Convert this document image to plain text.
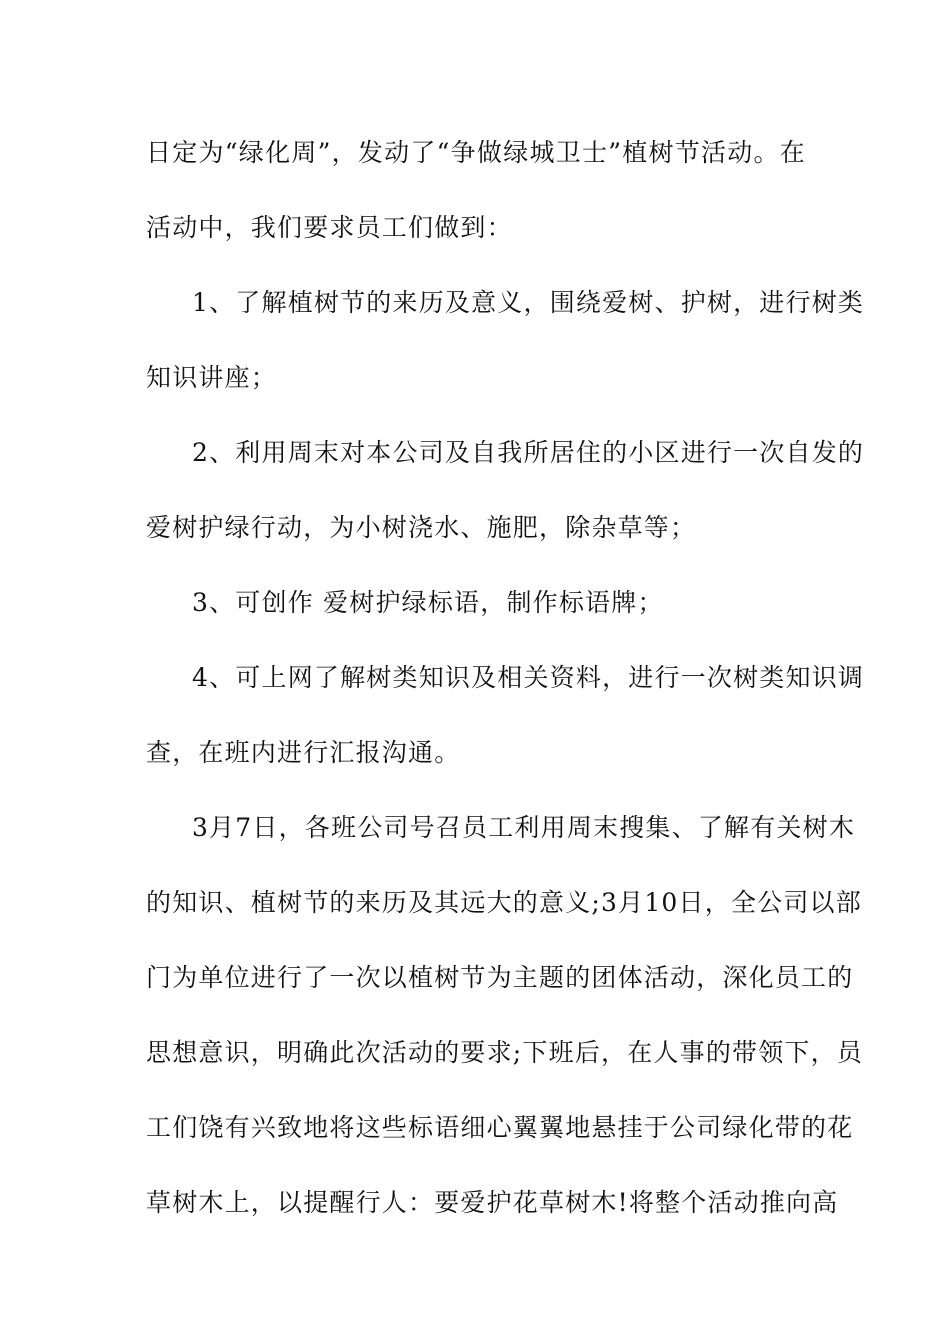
日定为“绿化周”，发动了“争做绿城卫士”植树节活动。在
活动中，我们要求员工们做到：
1、了解植树节的来历及意义，围绕爱树、护树，进行树类
知识讲座；
2、利用周末对本公司及自我所居住的小区进行一次自发的
爱树护绿行动，为小树浇水、施肥，除杂草等；
3、可创作 爱树护绿标语，制作标语牌；
4、可上网了解树类知识及相关资料，进行一次树类知识调
查，在班内进行汇报沟通。
3月7日，各班公司号召员工利用周末搜集、了解有关树木
的知识、植树节的来历及其远大的意义;3月10日，全公司以部
门为单位进行了一次以植树节为主题的团体活动，深化员工的
思想意识，明确此次活动的要求;下班后，在人事的带领下，员
工们饶有兴致地将这些标语细心翼翼地悬挂于公司绿化带的花
草树木上，以提醒行人：要爱护花草树木!将整个活动推向高
